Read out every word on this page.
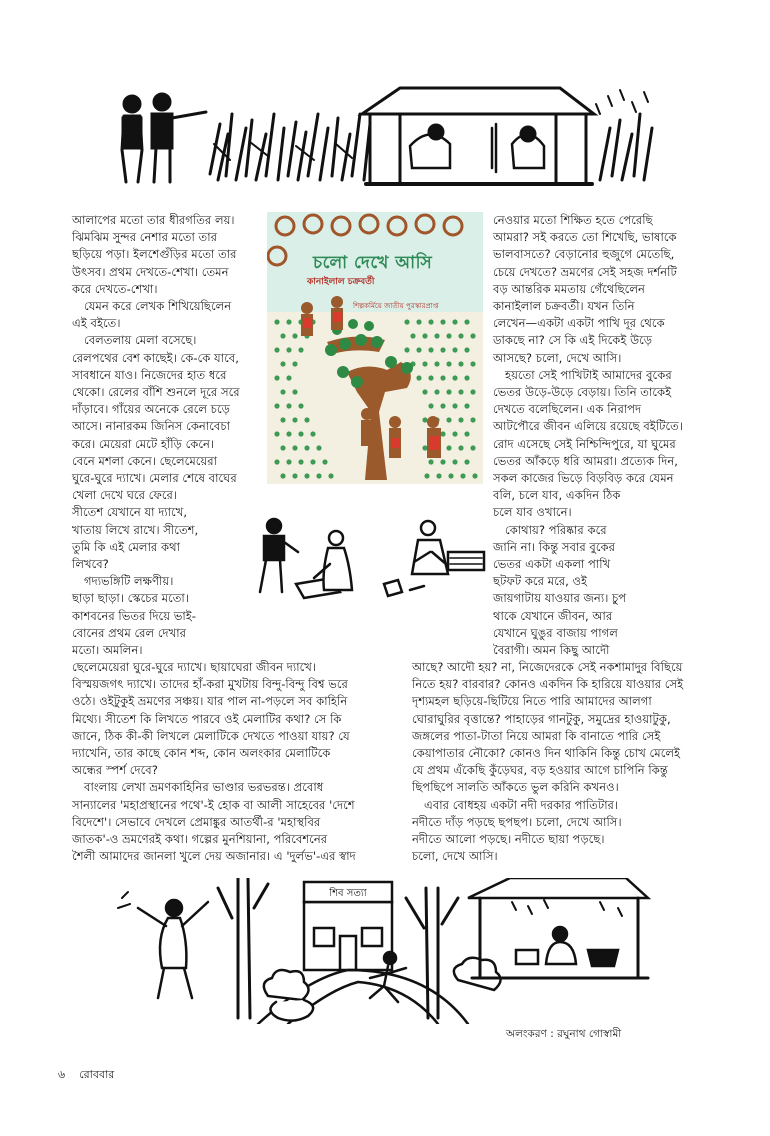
কানাইলাল চক্রবর্তী
চলো দেখে আসি
শিল্পকর্মিয়ে জাতীয় পুরস্কারপ্রাপ্ত

আলাপের মতো তার ধীরগতির লয়।

ঝিমঝিম সুন্দর নেশার মতো তার

ছড়িয়ে পড়া। ইলশেগুঁড়ির মতো তার

উৎসব। প্রথম দেখতে-শেখা। তেমন

করে দেখতে-শেখা।

যেমন করে লেখক শিখিয়েছিলেন

এই বইতে।

বেলতলায় মেলা বসেছে।

রেলপথের বেশ কাছেই। কে-কে যাবে,

সাবধানে যাও। নিজেদের হাত ধরে

থেকো। রেলের বাঁশি শুনলে দূরে সরে

দাঁড়াবে। গাঁয়ের অনেকে রেলে চড়ে

আসে। নানারকম জিনিস কেনাবেচা

করে। মেয়েরা মেটে হাঁড়ি কেনে।

বেনে মশলা কেনে। ছেলেমেয়েরা

ঘুরে-ঘুরে দ্যাখে। মেলার শেষে বাঘের

খেলা দেখে ঘরে ফেরে।

সীতেশ যেখানে যা দ্যাখে,

খাতায় লিখে রাখে। সীতেশ,

তুমি কি এই মেলার কথা

লিখবে?

গদ্যভঙ্গিটি লক্ষণীয়।

ছাড়া ছাড়া। স্কেচের মতো।

কাশবনের ভিতর দিয়ে ভাই-

বোনের প্রথম রেল দেখার

মতো। অমলিন।

ছেলেমেয়েরা ঘুরে-ঘুরে দ্যাখে। ছায়াঘেরা জীবন দ্যাখে।

বিস্ময়জগৎ দ্যাখে। তাদের হাঁ-করা মুখটায় বিন্দু-বিন্দু বিশ্ব ভরে

ওঠে। ওইটুকুই ভ্রমণের সঞ্চয়। যার পাল না-পড়লে সব কাহিনি

মিথ্যে। সীতেশ কি লিখতে পারবে ওই মেলাটির কথা? সে কি

জানে, ঠিক কী-কী লিখলে মেলাটিকে দেখতে পাওয়া যায়? যে

দ্যাখেনি, তার কাছে কোন শব্দ, কোন অলংকার মেলাটিকে

অন্ধের স্পর্শ দেবে?

বাংলায় লেখা ভ্রমণকাহিনির ভাণ্ডার ভরভরন্ত। প্রবোধ

সান্যালের 'মহাপ্রস্থানের পথে'-ই হোক বা আলী সাহেবের 'দেশে

বিদেশে'। সেভাবে দেখলে প্রেমাঙ্কুর আতর্থী-র 'মহাস্থবির

জাতক'-ও ভ্রমণেরই কথা। গল্পের মুনশিয়ানা, পরিবেশনের

শৈলী আমাদের জানলা খুলে দেয় অজানার। এ 'দুর্লভ'-এর স্বাদ

নেওয়ার মতো শিক্ষিত হতে পেরেছি

আমরা? সই করতে তো শিখেছি, ভাষাকে

ভালবাসতে? বেড়ানোর হুজুগে মেতেছি,

চেয়ে দেখতে? ভ্রমণের সেই সহজ দর্শনটি

বড় আন্তরিক মমতায় গেঁথেছিলেন

কানাইলাল চক্রবর্তী। যখন তিনি

লেখেন—একটা একটা পাখি দূর থেকে

ডাকছে না? সে কি এই দিকেই উড়ে

আসছে? চলো, দেখে আসি।

হয়তো সেই পাখিটাই আমাদের বুকের

ভেতর উড়ে-উড়ে বেড়ায়। তিনি তাকেই

দেখতে বলেছিলেন। এক নিরাপদ

আটপৌরে জীবন এলিয়ে রয়েছে বইটিতে।

রোদ এসেছে সেই নিশ্চিন্দিপুরে, যা ঘুমের

ভেতর আঁকড়ে ধরি আমরা। প্রত্যেক দিন,

সকল কাজের ভিড়ে বিড়বিড় করে যেমন

বলি, চলে যাব, একদিন ঠিক

চলে যাব ওখানে।

কোথায়? পরিষ্কার করে

জানি না। কিন্তু সবার বুকের

ভেতর একটা একলা পাখি

ছটফট করে মরে, ওই

জায়গাটায় যাওয়ার জন্য। চুপ

থাকে যেখানে জীবন, আর

যেখানে ঘুঙুর বাজায় পাগল

বৈরাগী। অমন কিছু আদৌ

আছে? আদৌ হয়? না, নিজেদেরকে সেই নকশামাদুর বিছিয়ে

নিতে হয়? বারবার? কোনও একদিন কি হারিয়ে যাওয়ার সেই

দৃশ্যমহল ছড়িয়ে-ছিটিয়ে নিতে পারি আমাদের আলগা

ঘোরাঘুরির বৃত্তান্তে? পাহাড়ের গানটুকু, সমুদ্রের হাওয়াটুকু,

জঙ্গলের পাতা-টাতা নিয়ে আমরা কি বানাতে পারি সেই

কেয়াপাতার নৌকো? কোনও দিন থাকিনি কিন্তু চোখ মেলেই

যে প্রথম এঁকেছি কুঁড়েঘর, বড় হওয়ার আগে চাপিনি কিন্তু

ছিপছিপে সালতি আঁকতে ভুল করিনি কখনও।

এবার বোধহয় একটা নদী দরকার পাতিটার।

নদীতে দাঁড় পড়ছে ছপছপ। চলো, দেখে আসি।

নদীতে আলো পড়ছে। নদীতে ছায়া পড়ছে।

চলো, দেখে আসি।

শিব সত্যা
অলংকরণ : রঘুনাথ গোস্বামী
৬ রোববার
